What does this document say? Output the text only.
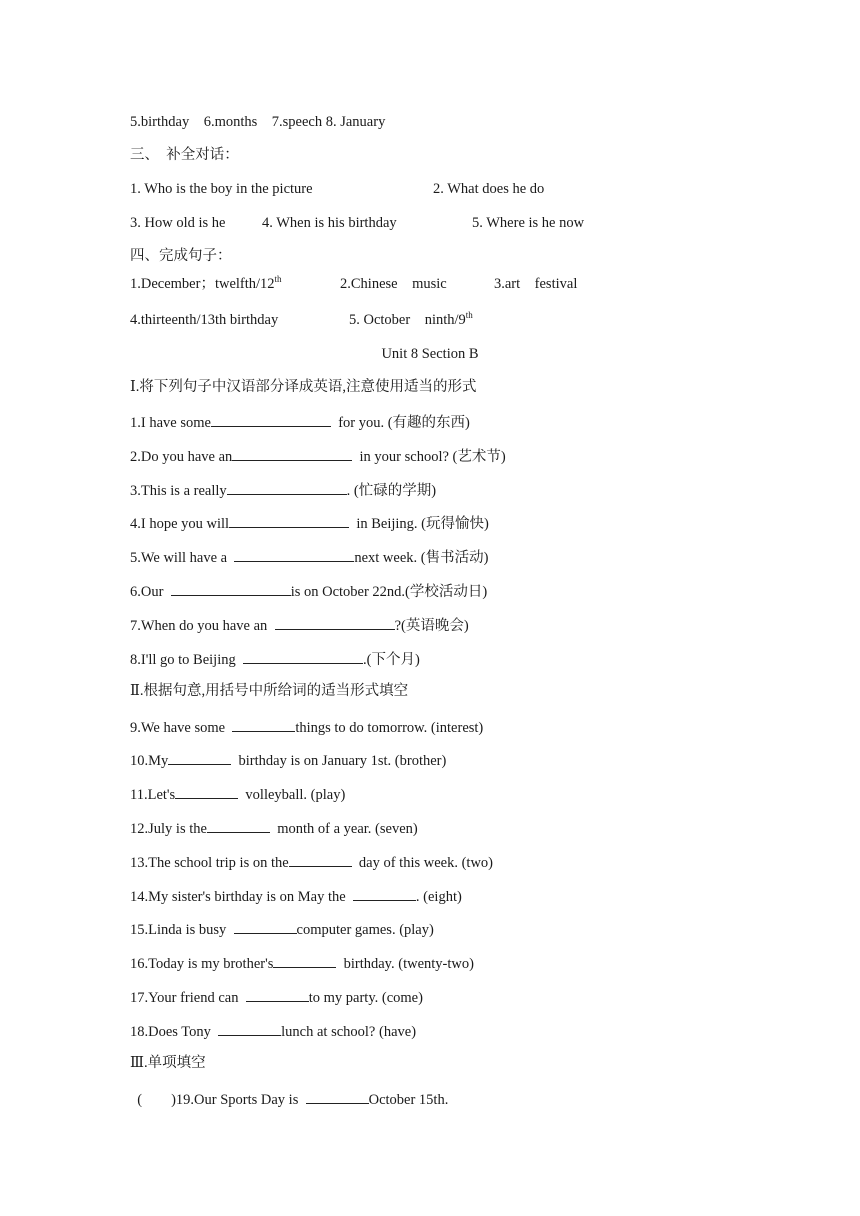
5.birthday    6.months    7.speech 8. January
三、  补全对话：
1. Who is the boy in the picture	2. What does he do
3. How old is he	4. When is his birthday	5. Where is he now
四、完成句子：
1.December；twelfth/12th	2.Chinese    music	3.art    festival
4.thirteenth/13th birthday	5. October    ninth/9th
Unit 8 Section B
Ⅰ.将下列句子中汉语部分译成英语,注意使用适当的形式
1.I have some	for you. (有趣的东西)
2.Do you have an	in your school? (艺术节)
3.This is a really	. (忙碌的学期)
4.I hope you will	in Beijing. (玩得愉快)
5.We will have a	next week. (售书活动)
6.Our	is on October 22nd.(学校活动日)
7.When do you have an	?(英语晚会)
8.I'll go to Beijing	.(下个月)
Ⅱ.根据句意,用括号中所给词的适当形式填空
9.We have some	things to do tomorrow. (interest)
10.My	birthday is on January 1st. (brother)
11.Let's	volleyball. (play)
12.July is the	month of a year. (seven)
13.The school trip is on the	day of this week. (two)
14.My sister's birthday is on May the	. (eight)
15.Linda is busy	computer games. (play)
16.Today is my brother's	birthday. (twenty-two)
17.Your friend can	to my party. (come)
18.Does Tony	lunch at school? (have)
Ⅲ.单项填空
(        )19.Our Sports Day is	October 15th.
